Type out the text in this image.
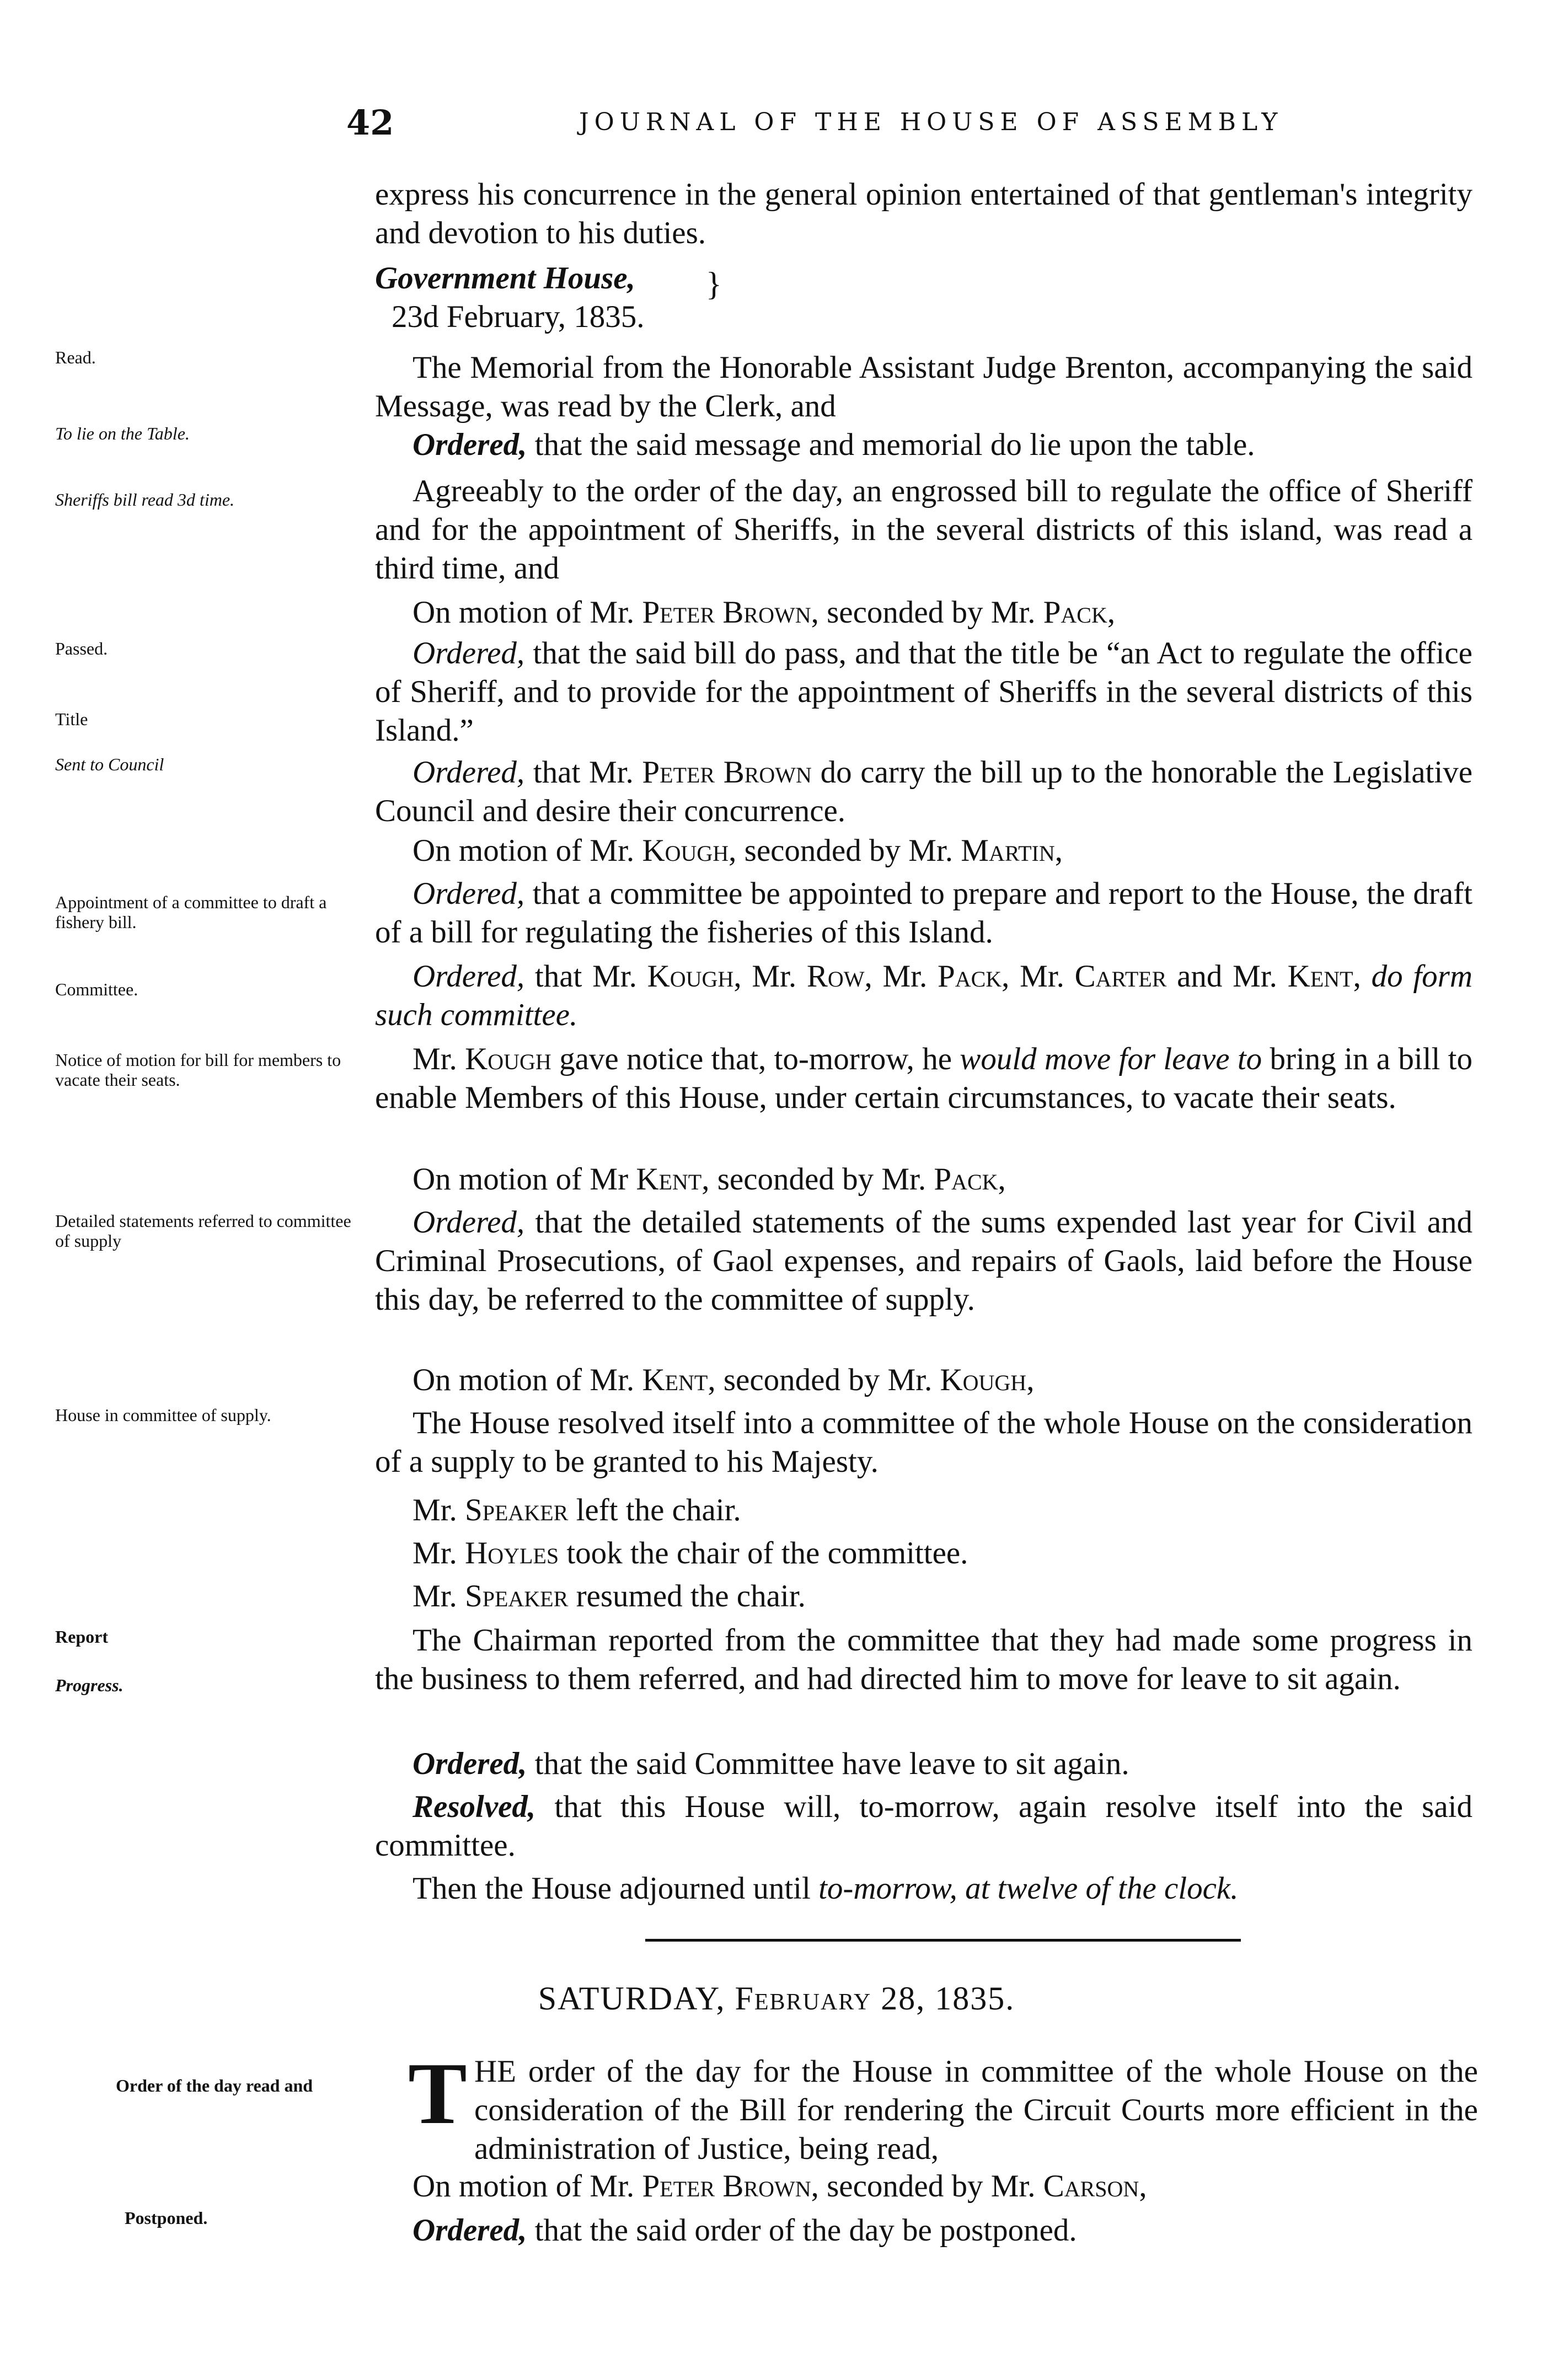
42	JOURNAL OF THE HOUSE OF ASSEMBLY
Read.
To lie on the Table.
Sheriffs bill read 3d time.
Passed.
Title
Sent to Council
Appointment of a committee to draft a fishery bill.
Committee.
Notice of motion for bill for members to vacate their seats.
Detailed statements referred to committee of supply
House in committee of supply.
Report
Progress.
Order of the day read and
Postponed.
express his concurrence in the general opinion entertained of that gentleman's integrity and devotion to his duties.
Government House,
23d February, 1835.
}
The Memorial from the Honorable Assistant Judge Brenton, accompanying the said Message, was read by the Clerk, and
Ordered, that the said message and memorial do lie upon the table.
Agreeably to the order of the day, an engrossed bill to regulate the office of Sheriff and for the appointment of Sheriffs, in the several districts of this island, was read a third time, and
On motion of Mr. Peter Brown, seconded by Mr. Pack,
Ordered, that the said bill do pass, and that the title be “an Act to regulate the office of Sheriff, and to provide for the appointment of Sheriffs in the several districts of this Island.”
Ordered, that Mr. Peter Brown do carry the bill up to the honorable the Legislative Council and desire their concurrence.
On motion of Mr. Kough, seconded by Mr. Martin,
Ordered, that a committee be appointed to prepare and report to the House, the draft of a bill for regulating the fisheries of this Island.
Ordered, that Mr. Kough, Mr. Row, Mr. Pack, Mr. Carter and Mr. Kent, do form such committee.
Mr. Kough gave notice that, to-morrow, he would move for leave to bring in a bill to enable Members of this House, under certain circumstances, to vacate their seats.
On motion of Mr Kent, seconded by Mr. Pack,
Ordered, that the detailed statements of the sums expended last year for Civil and Criminal Prosecutions, of Gaol expenses, and repairs of Gaols, laid before the House this day, be referred to the committee of supply.
On motion of Mr. Kent, seconded by Mr. Kough,
The House resolved itself into a committee of the whole House on the consideration of a supply to be granted to his Majesty.
Mr. Speaker left the chair.
Mr. Hoyles took the chair of the committee.
Mr. Speaker resumed the chair.
The Chairman reported from the committee that they had made some progress in the business to them referred, and had directed him to move for leave to sit again.
Ordered, that the said Committee have leave to sit again.
Resolved, that this House will, to-morrow, again resolve itself into the said committee.
Then the House adjourned until to-morrow, at twelve of the clock.
SATURDAY, February 28, 1835.
T HE order of the day for the House in committee of the whole House on the consideration of the Bill for rendering the Circuit Courts more efficient in the administration of Justice, being read,
On motion of Mr. Peter Brown, seconded by Mr. Carson,
Ordered, that the said order of the day be postponed.
